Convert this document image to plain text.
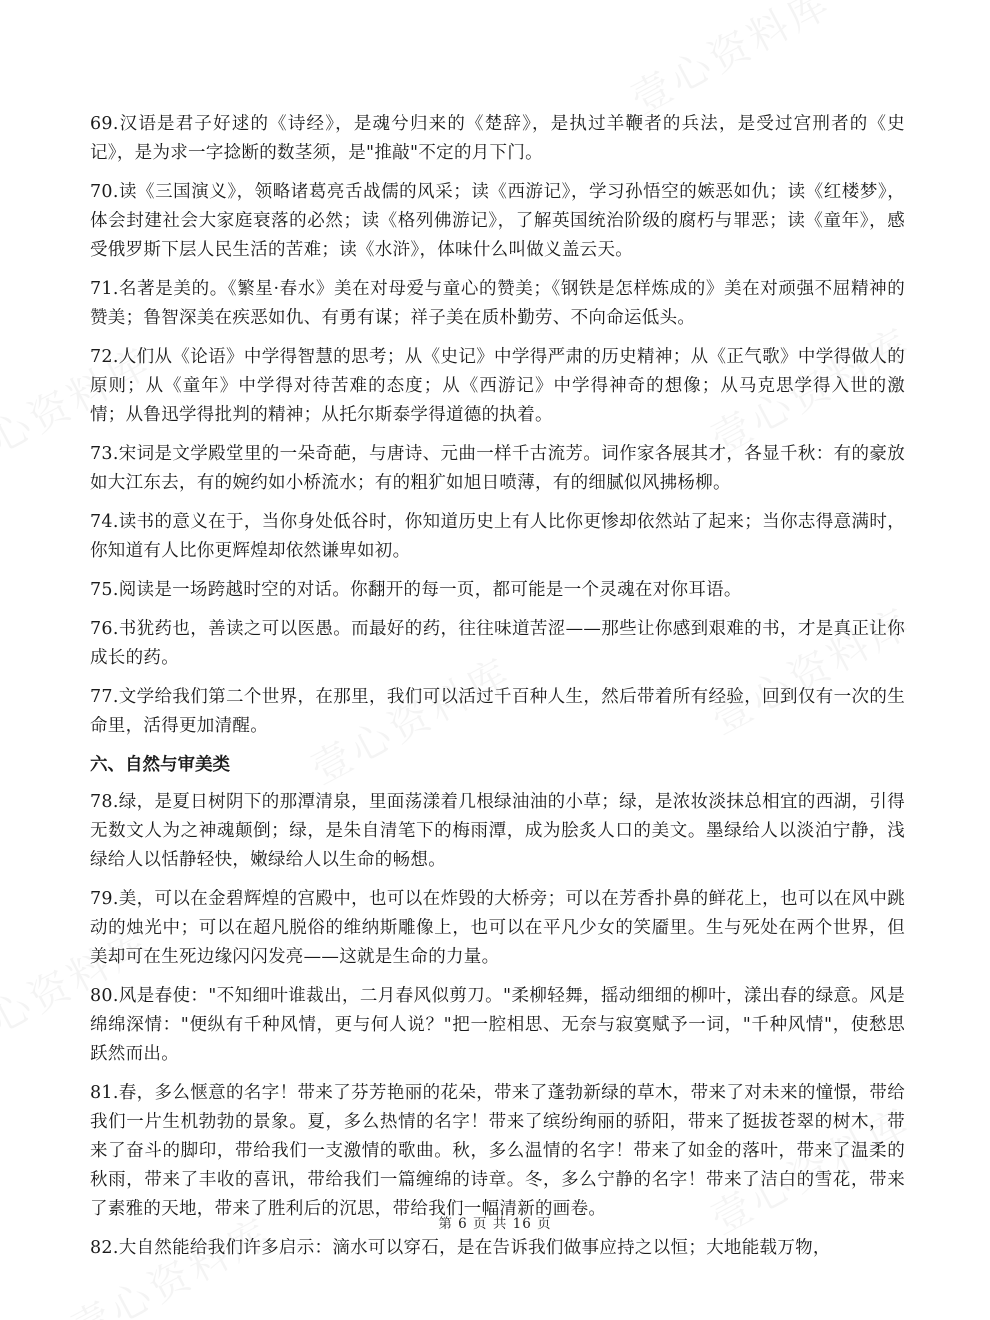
69.汉语是君子好逑的《诗经》，是魂兮归来的《楚辞》，是执过羊鞭者的兵法，是受过宫刑者的《史记》，是为求一字捻断的数茎须，是"推敲"不定的月下门。

70.读《三国演义》，领略诸葛亮舌战儒的风采；读《西游记》，学习孙悟空的嫉恶如仇；读《红楼梦》，体会封建社会大家庭衰落的必然；读《格列佛游记》，了解英国统治阶级的腐朽与罪恶；读《童年》，感受俄罗斯下层人民生活的苦难；读《水浒》，体味什么叫做义盖云天。

71.名著是美的。《繁星·春水》美在对母爱与童心的赞美；《钢铁是怎样炼成的》美在对顽强不屈精神的赞美；鲁智深美在疾恶如仇、有勇有谋；祥子美在质朴勤劳、不向命运低头。

72.人们从《论语》中学得智慧的思考；从《史记》中学得严肃的历史精神；从《正气歌》中学得做人的原则；从《童年》中学得对待苦难的态度；从《西游记》中学得神奇的想像；从马克思学得入世的激情；从鲁迅学得批判的精神；从托尔斯泰学得道德的执着。

73.宋词是文学殿堂里的一朵奇葩，与唐诗、元曲一样千古流芳。词作家各展其才，各显千秋：有的豪放如大江东去，有的婉约如小桥流水；有的粗犷如旭日喷薄，有的细腻似风拂杨柳。

74.读书的意义在于，当你身处低谷时，你知道历史上有人比你更惨却依然站了起来；当你志得意满时，你知道有人比你更辉煌却依然谦卑如初。

75.阅读是一场跨越时空的对话。你翻开的每一页，都可能是一个灵魂在对你耳语。

76.书犹药也，善读之可以医愚。而最好的药，往往味道苦涩——那些让你感到艰难的书，才是真正让你成长的药。

77.文学给我们第二个世界，在那里，我们可以活过千百种人生，然后带着所有经验，回到仅有一次的生命里，活得更加清醒。

六、自然与审美类

78.绿，是夏日树阴下的那潭清泉，里面荡漾着几根绿油油的小草；绿，是浓妆淡抹总相宜的西湖，引得无数文人为之神魂颠倒；绿，是朱自清笔下的梅雨潭，成为脍炙人口的美文。墨绿给人以淡泊宁静，浅绿给人以恬静轻快，嫩绿给人以生命的畅想。

79.美，可以在金碧辉煌的宫殿中，也可以在炸毁的大桥旁；可以在芳香扑鼻的鲜花上，也可以在风中跳动的烛光中；可以在超凡脱俗的维纳斯雕像上，也可以在平凡少女的笑靥里。生与死处在两个世界，但美却可在生死边缘闪闪发亮——这就是生命的力量。

80.风是春使："不知细叶谁裁出，二月春风似剪刀。"柔柳轻舞，摇动细细的柳叶，漾出春的绿意。风是绵绵深情："便纵有千种风情，更与何人说？"把一腔相思、无奈与寂寞赋予一词，"千种风情"，使愁思跃然而出。

81.春，多么惬意的名字！带来了芬芳艳丽的花朵，带来了蓬勃新绿的草木，带来了对未来的憧憬，带给我们一片生机勃勃的景象。夏，多么热情的名字！带来了缤纷绚丽的骄阳，带来了挺拔苍翠的树木，带来了奋斗的脚印，带给我们一支激情的歌曲。秋，多么温情的名字！带来了如金的落叶，带来了温柔的秋雨，带来了丰收的喜讯，带给我们一篇缠绵的诗章。冬，多么宁静的名字！带来了洁白的雪花，带来了素雅的天地，带来了胜利后的沉思，带给我们一幅清新的画卷。

82.大自然能给我们许多启示：滴水可以穿石，是在告诉我们做事应持之以恒；大地能载万物，

第 6 页 共 16 页
